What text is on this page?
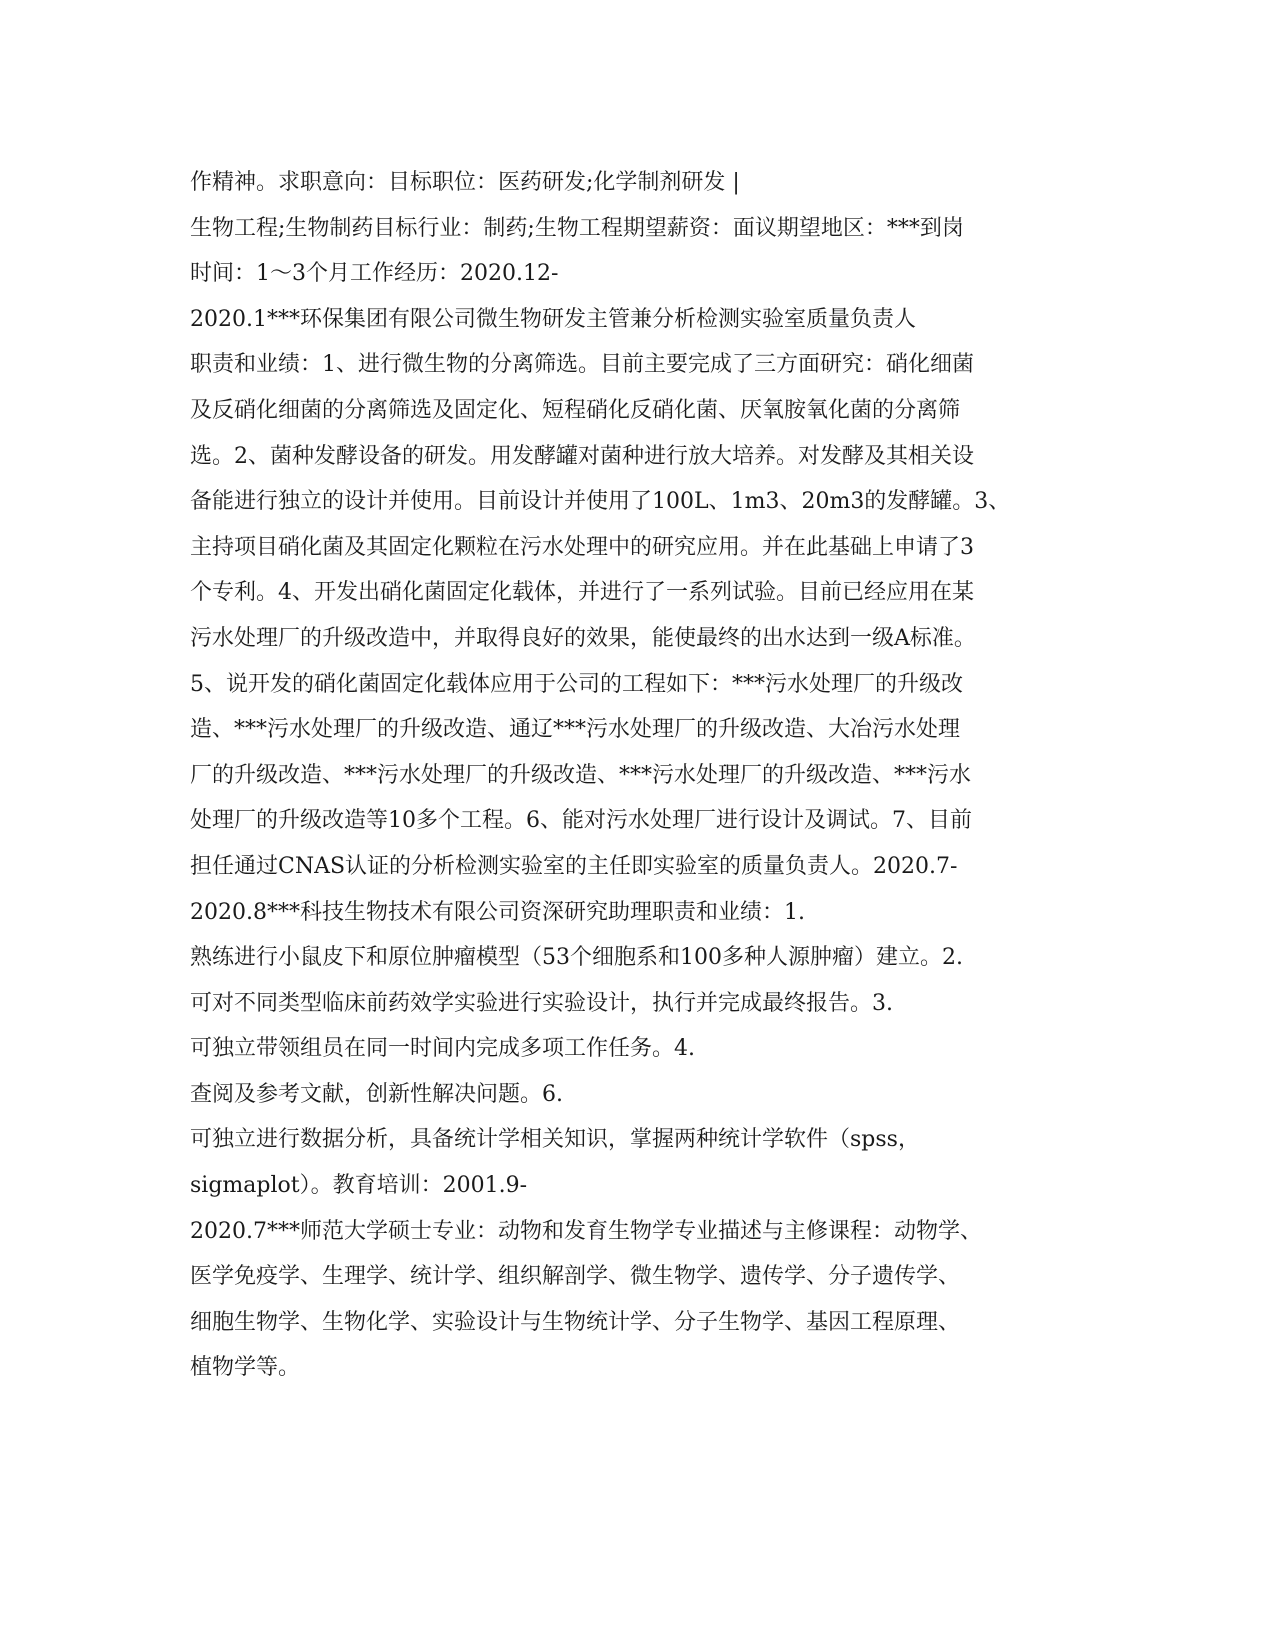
作精神。求职意向：目标职位：医药研发;化学制剂研发 |
生物工程;生物制药目标行业：制药;生物工程期望薪资：面议期望地区：***到岗
时间：1～3个月工作经历：2020.12-
2020.1***环保集团有限公司微生物研发主管兼分析检测实验室质量负责人
职责和业绩：1、进行微生物的分离筛选。目前主要完成了三方面研究：硝化细菌
及反硝化细菌的分离筛选及固定化、短程硝化反硝化菌、厌氧胺氧化菌的分离筛
选。2、菌种发酵设备的研发。用发酵罐对菌种进行放大培养。对发酵及其相关设
备能进行独立的设计并使用。目前设计并使用了100L、1m3、20m3的发酵罐。3、
主持项目硝化菌及其固定化颗粒在污水处理中的研究应用。并在此基础上申请了3
个专利。4、开发出硝化菌固定化载体，并进行了一系列试验。目前已经应用在某
污水处理厂的升级改造中，并取得良好的效果，能使最终的出水达到一级A标准。
5、说开发的硝化菌固定化载体应用于公司的工程如下：***污水处理厂的升级改
造、***污水处理厂的升级改造、通辽***污水处理厂的升级改造、大冶污水处理
厂的升级改造、***污水处理厂的升级改造、***污水处理厂的升级改造、***污水
处理厂的升级改造等10多个工程。6、能对污水处理厂进行设计及调试。7、目前
担任通过CNAS认证的分析检测实验室的主任即实验室的质量负责人。2020.7-
2020.8***科技生物技术有限公司资深研究助理职责和业绩：1.
熟练进行小鼠皮下和原位肿瘤模型（53个细胞系和100多种人源肿瘤）建立。2.
可对不同类型临床前药效学实验进行实验设计，执行并完成最终报告。3.
可独立带领组员在同一时间内完成多项工作任务。4.
查阅及参考文献，创新性解决问题。6.
可独立进行数据分析，具备统计学相关知识，掌握两种统计学软件（spss，
sigmaplot）。教育培训：2001.9-
2020.7***师范大学硕士专业：动物和发育生物学专业描述与主修课程：动物学、
医学免疫学、生理学、统计学、组织解剖学、微生物学、遗传学、分子遗传学、
细胞生物学、生物化学、实验设计与生物统计学、分子生物学、基因工程原理、
植物学等。
